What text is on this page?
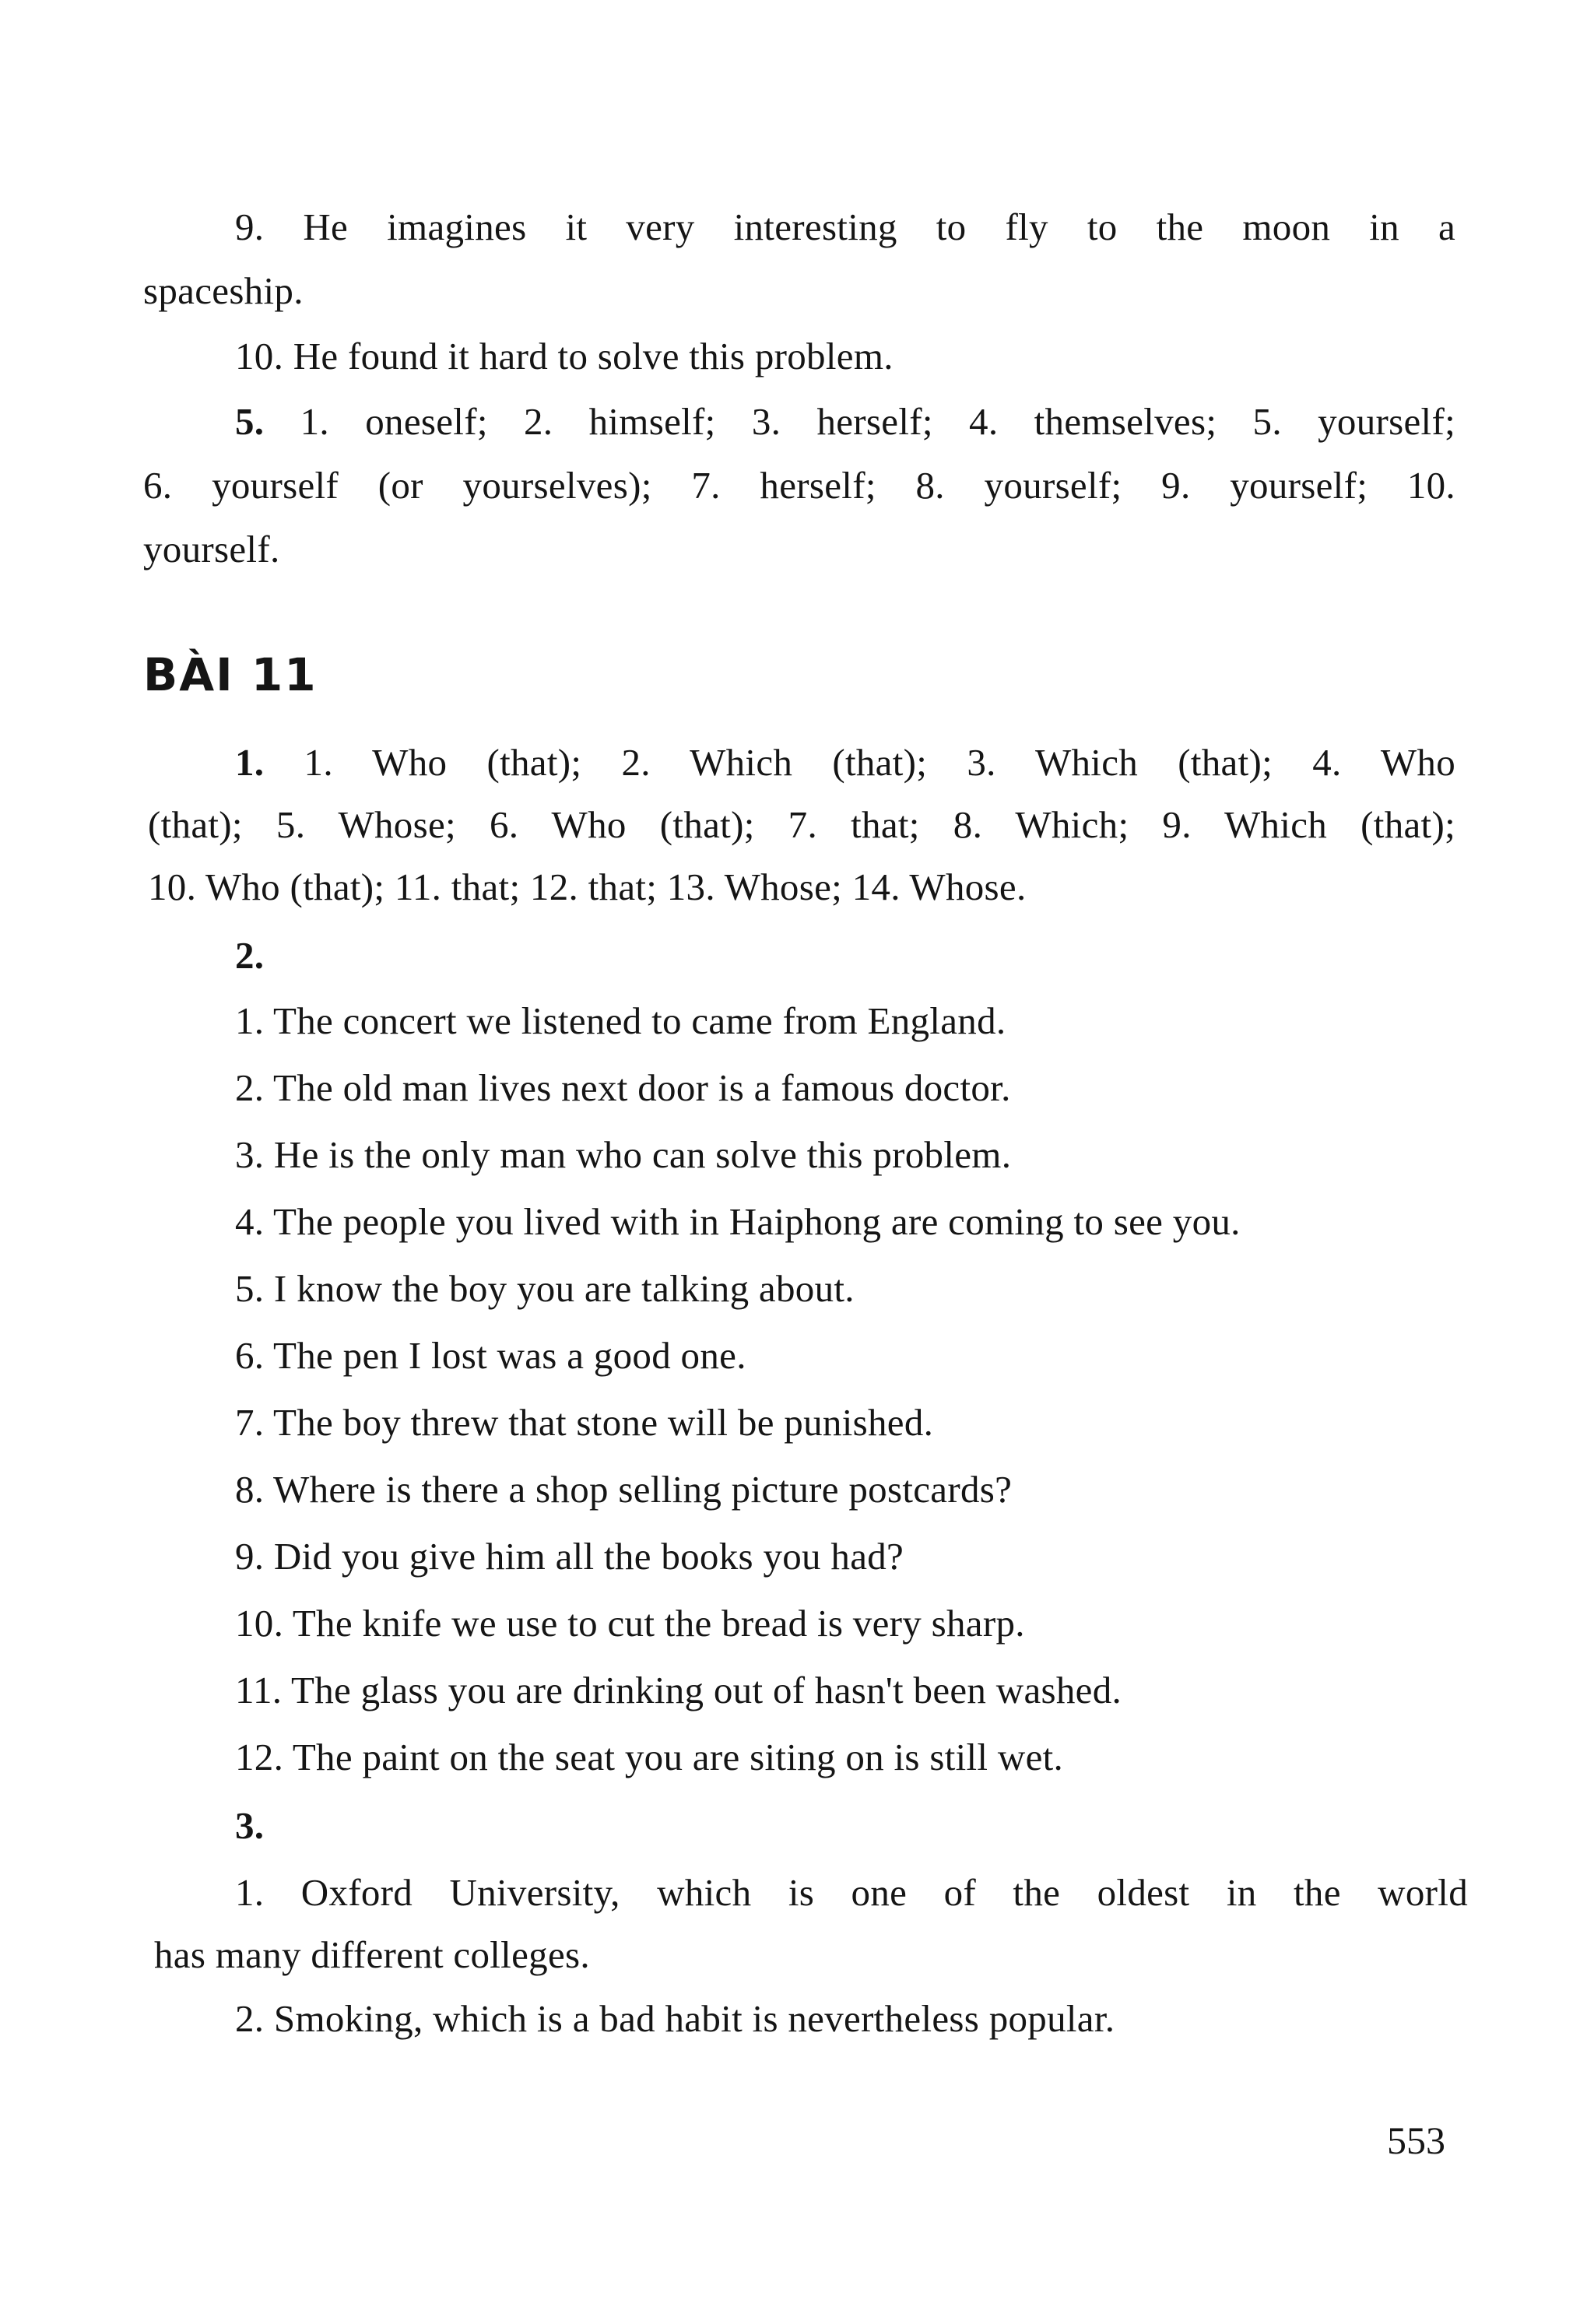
9. He imagines it very interesting to fly to the moon in a
spaceship.
10. He found it hard to solve this problem.
5. 1. oneself; 2. himself; 3. herself; 4. themselves; 5. yourself;
6. yourself (or yourselves); 7. herself; 8. yourself; 9. yourself; 10.
yourself.
BÀI 11
1. 1. Who (that); 2. Which (that); 3. Which (that); 4. Who
(that); 5. Whose; 6. Who (that); 7. that; 8. Which; 9. Which (that);
10. Who (that); 11. that; 12. that; 13. Whose; 14. Whose.
2.
1. The concert we listened to came from England.
2. The old man lives next door is a famous doctor.
3. He is the only man who can solve this problem.
4. The people you lived with in Haiphong are coming to see you.
5. I know the boy you are talking about.
6. The pen I lost was a good one.
7. The boy threw that stone will be punished.
8. Where is there a shop selling picture postcards?
9. Did you give him all the books you had?
10. The knife we use to cut the bread is very sharp.
11. The glass you are drinking out of hasn't been washed.
12. The paint on the seat you are siting on is still wet.
3.
1. Oxford University, which is one of the oldest in the world
has many different colleges.
2. Smoking, which is a bad habit is nevertheless popular.
553
